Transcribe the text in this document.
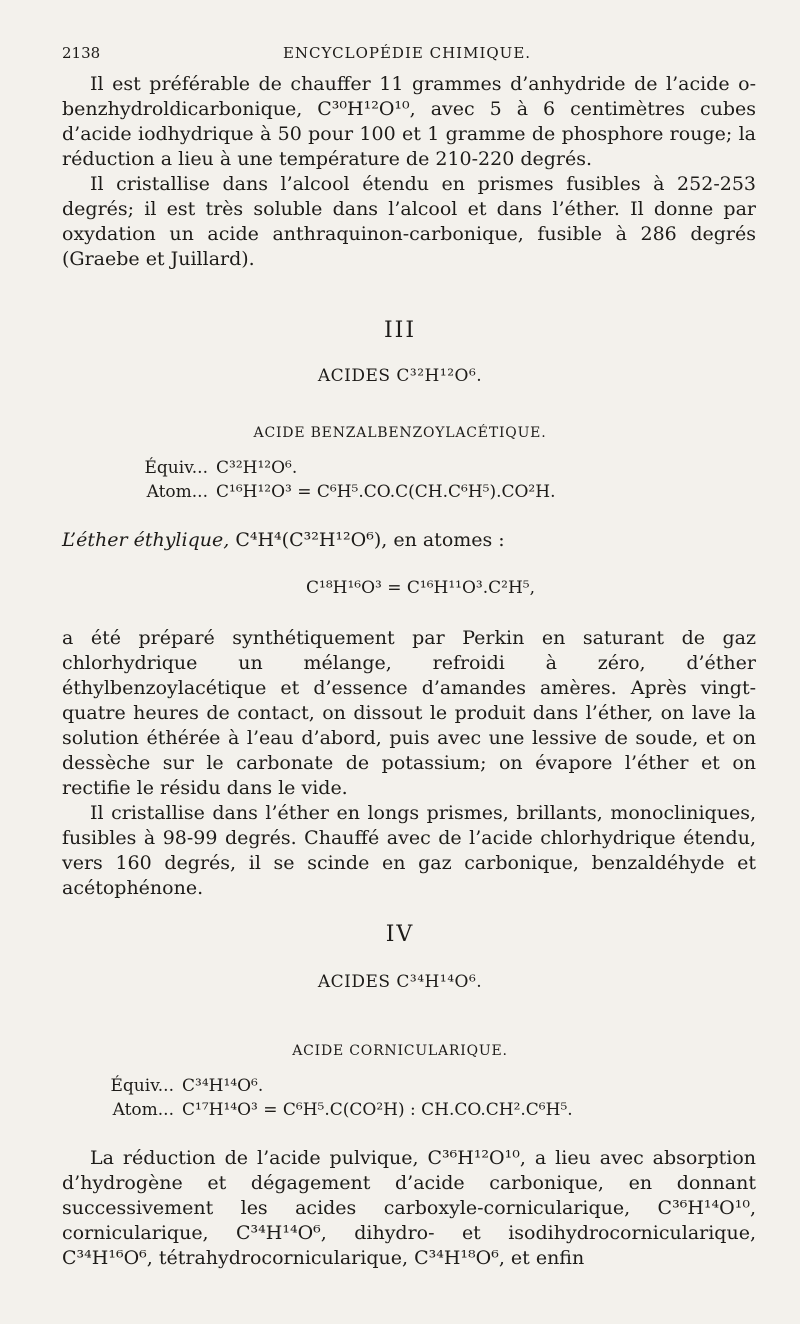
2138	ENCYCLOPÉDIE CHIMIQUE.

Il est préférable de chauffer 11 grammes d’anhydride de l’acide o-benzhydroldicarbonique, C³⁰H¹²O¹⁰, avec 5 à 6 centimètres cubes d’acide iodhydrique à 50 pour 100 et 1 gramme de phosphore rouge; la réduction a lieu à une température de 210-220 degrés.

Il cristallise dans l’alcool étendu en prismes fusibles à 252-253 degrés; il est très soluble dans l’alcool et dans l’éther. Il donne par oxydation un acide anthraquinon-carbonique, fusible à 286 degrés (Graebe et Juillard).

III
ACIDES C³²H¹²O⁶.
ACIDE BENZALBENZOYLACÉTIQUE.
Équiv... C³²H¹²O⁶.
Atom... C¹⁶H¹²O³ = C⁶H⁵.CO.C(CH.C⁶H⁵).CO²H.
L’éther éthylique, C⁴H⁴(C³²H¹²O⁶), en atomes :
C¹⁸H¹⁶O³ = C¹⁶H¹¹O³.C²H⁵,

a été préparé synthétiquement par Perkin en saturant de gaz chlorhydrique un mélange, refroidi à zéro, d’éther éthylbenzoylacétique et d’essence d’amandes amères. Après vingt-quatre heures de contact, on dissout le produit dans l’éther, on lave la solution éthérée à l’eau d’abord, puis avec une lessive de soude, et on dessèche sur le carbonate de potassium; on évapore l’éther et on rectifie le résidu dans le vide.

Il cristallise dans l’éther en longs prismes, brillants, monocliniques, fusibles à 98-99 degrés. Chauffé avec de l’acide chlorhydrique étendu, vers 160 degrés, il se scinde en gaz carbonique, benzaldéhyde et acétophénone.

IV
ACIDES C³⁴H¹⁴O⁶.
ACIDE CORNICULARIQUE.
Équiv... C³⁴H¹⁴O⁶.
Atom... C¹⁷H¹⁴O³ = C⁶H⁵.C(CO²H) : CH.CO.CH².C⁶H⁵.

La réduction de l’acide pulvique, C³⁶H¹²O¹⁰, a lieu avec absorption d’hydrogène et dégagement d’acide carbonique, en donnant successivement les acides carboxyle-cornicularique, C³⁶H¹⁴O¹⁰, cornicularique, C³⁴H¹⁴O⁶, dihydro- et isodihydrocornicularique, C³⁴H¹⁶O⁶, tétrahydrocornicularique, C³⁴H¹⁸O⁶, et enfin
